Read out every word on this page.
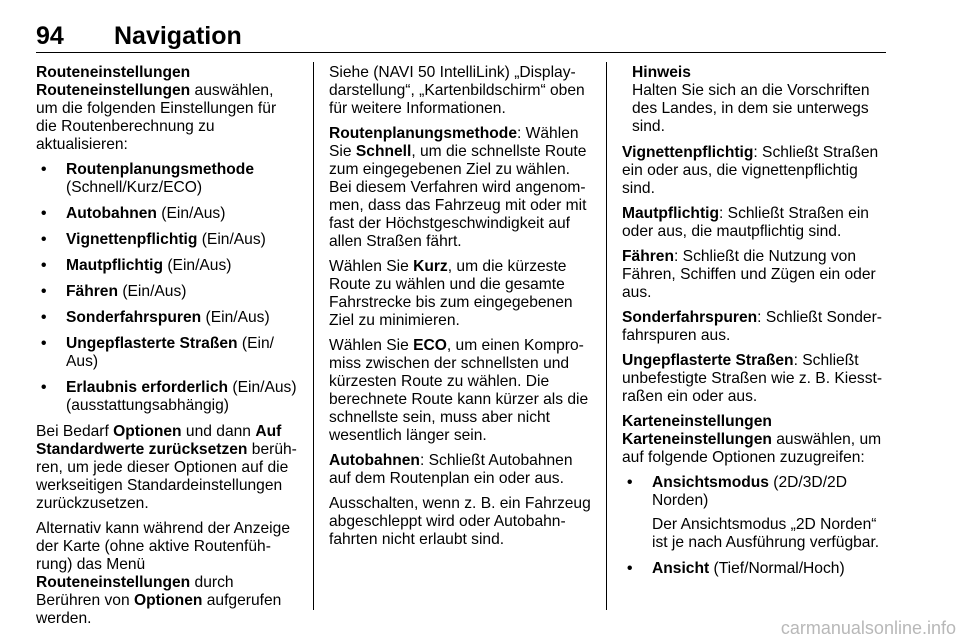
94 Navigation
Routeneinstellungen

Routeneinstellungen auswählen, um die folgenden Einstellungen für die Routenberechnung zu aktualisieren:

• Routenplanungsmethode (Schnell/Kurz/ECO)
• Autobahnen (Ein/Aus)
• Vignettenpflichtig (Ein/Aus)
• Mautpflichtig (Ein/Aus)
• Fähren (Ein/Aus)
• Sonderfahrspuren (Ein/Aus)
• Ungepflasterte Straßen (Ein/ Aus)
• Erlaubnis erforderlich (Ein/Aus) (ausstattungsabhängig)

Bei Bedarf Optionen und dann Auf Standardwerte zurücksetzen berühren, um jede dieser Optionen auf die werkseitigen Standardeinstellungen zurückzusetzen.

Alternativ kann während der Anzeige der Karte (ohne aktive Routenführung) das Menü Routeneinstellungen durch Berühren von Optionen aufgerufen werden.

Siehe (NAVI 50 IntelliLink) „Displaydarstellung“, „Kartenbildschirm“ oben für weitere Informationen.

Routenplanungsmethode: Wählen Sie Schnell, um die schnellste Route zum eingegebenen Ziel zu wählen. Bei diesem Verfahren wird angenommen, dass das Fahrzeug mit oder mit fast der Höchstgeschwindigkeit auf allen Straßen fährt.

Wählen Sie Kurz, um die kürzeste Route zu wählen und die gesamte Fahrstrecke bis zum eingegebenen Ziel zu minimieren.

Wählen Sie ECO, um einen Kompromiss zwischen der schnellsten und kürzesten Route zu wählen. Die berechnete Route kann kürzer als die schnellste sein, muss aber nicht wesentlich länger sein.

Autobahnen: Schließt Autobahnen auf dem Routenplan ein oder aus.

Ausschalten, wenn z. B. ein Fahrzeug abgeschleppt wird oder Autobahnfahrten nicht erlaubt sind.

Hinweis
Halten Sie sich an die Vorschriften des Landes, in dem sie unterwegs sind.

Vignettenpflichtig: Schließt Straßen ein oder aus, die vignettenpflichtig sind.

Mautpflichtig: Schließt Straßen ein oder aus, die mautpflichtig sind.

Fähren: Schließt die Nutzung von Fähren, Schiffen und Zügen ein oder aus.

Sonderfahrspuren: Schließt Sonderfahrspuren aus.

Ungepflasterte Straßen: Schließt unbefestigte Straßen wie z. B. Kiesstraßen ein oder aus.

Karteneinstellungen

Karteneinstellungen auswählen, um auf folgende Optionen zuzugreifen:

• Ansichtsmodus (2D/3D/2D Norden)
Der Ansichtsmodus „2D Norden“ ist je nach Ausführung verfügbar.
• Ansicht (Tief/Normal/Hoch)
carmanualsonline.info
